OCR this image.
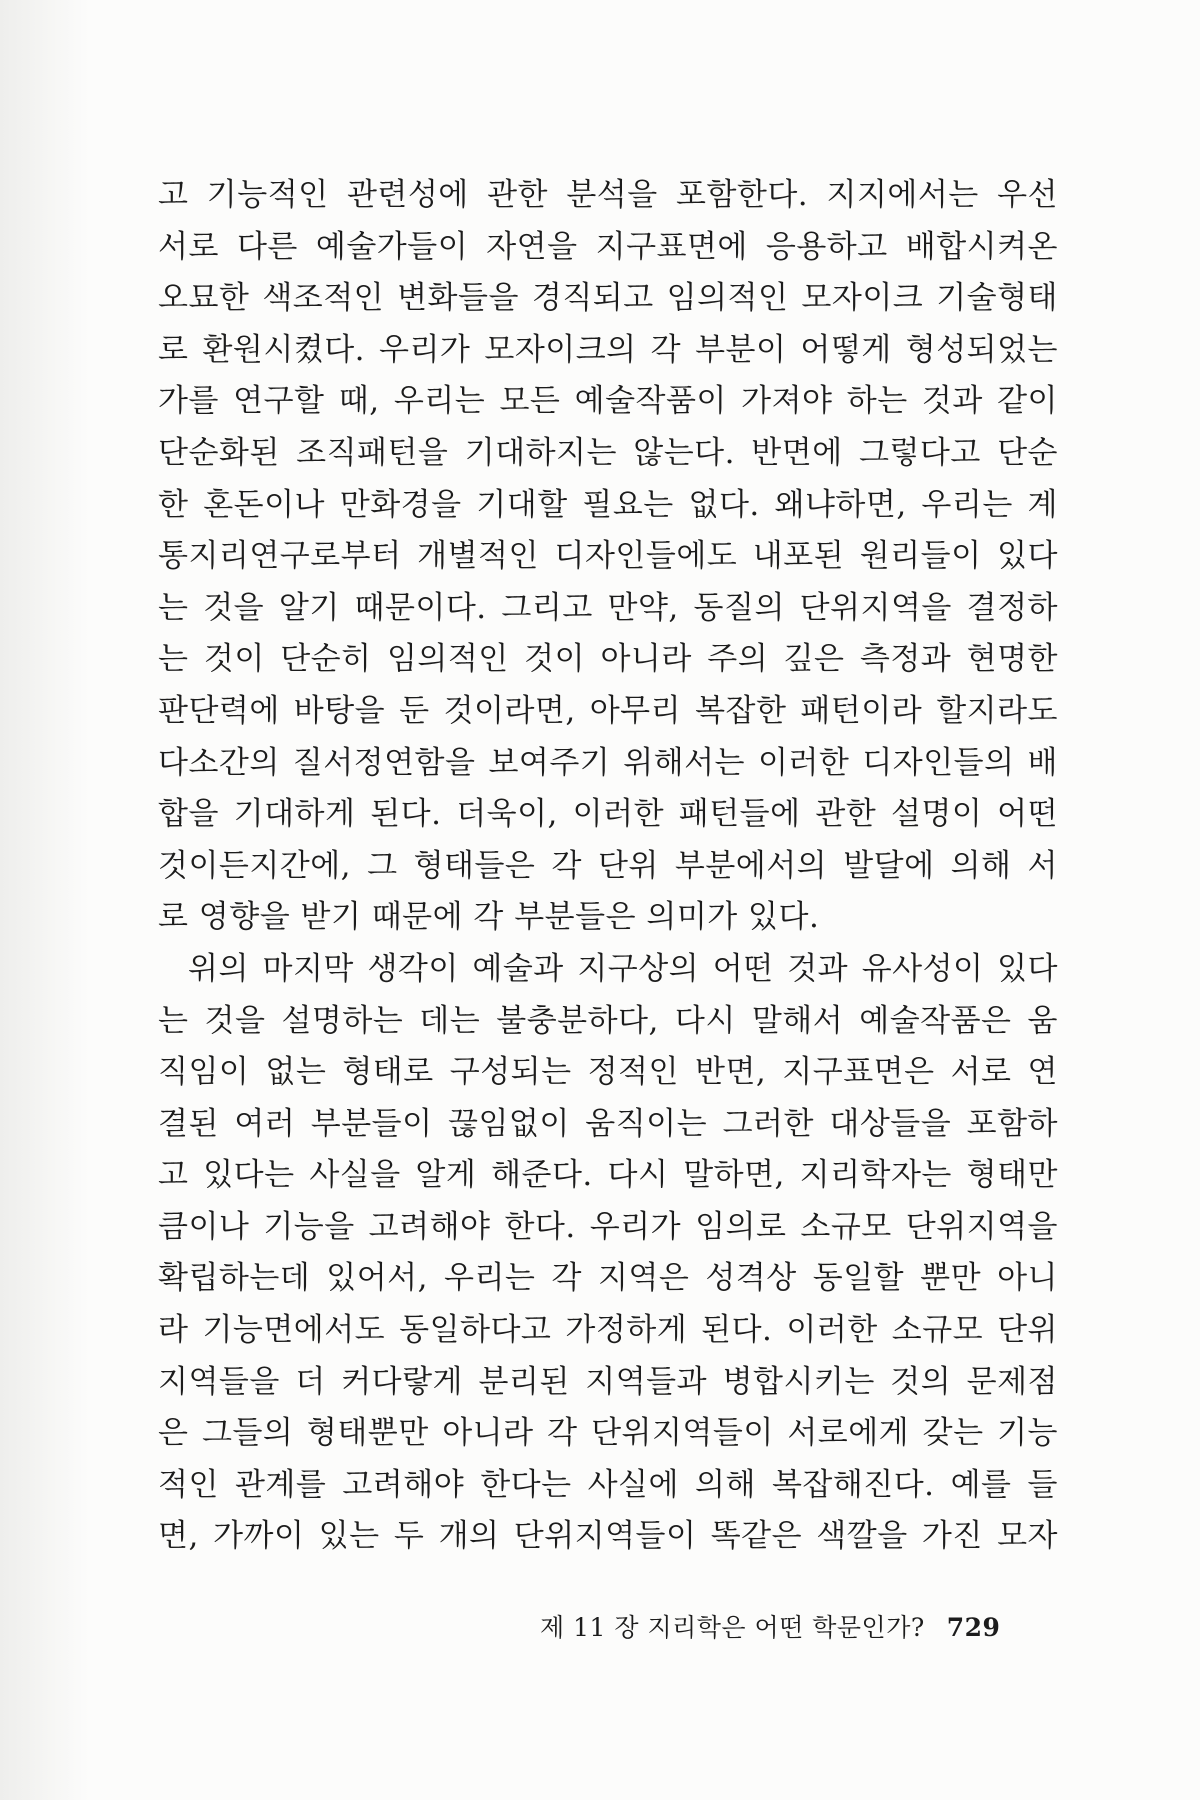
고 기능적인 관련성에 관한 분석을 포함한다. 지지에서는 우선
서로 다른 예술가들이 자연을 지구표면에 응용하고 배합시켜온
오묘한 색조적인 변화들을 경직되고 임의적인 모자이크 기술형태
로 환원시켰다. 우리가 모자이크의 각 부분이 어떻게 형성되었는
가를 연구할 때, 우리는 모든 예술작품이 가져야 하는 것과 같이
단순화된 조직패턴을 기대하지는 않는다. 반면에 그렇다고 단순
한 혼돈이나 만화경을 기대할 필요는 없다. 왜냐하면, 우리는 계
통지리연구로부터 개별적인 디자인들에도 내포된 원리들이 있다
는 것을 알기 때문이다. 그리고 만약, 동질의 단위지역을 결정하
는 것이 단순히 임의적인 것이 아니라 주의 깊은 측정과 현명한
판단력에 바탕을 둔 것이라면, 아무리 복잡한 패턴이라 할지라도
다소간의 질서정연함을 보여주기 위해서는 이러한 디자인들의 배
합을 기대하게 된다. 더욱이, 이러한 패턴들에 관한 설명이 어떤
것이든지간에, 그 형태들은 각 단위 부분에서의 발달에 의해 서
로 영향을 받기 때문에 각 부분들은 의미가 있다.
위의 마지막 생각이 예술과 지구상의 어떤 것과 유사성이 있다
는 것을 설명하는 데는 불충분하다, 다시 말해서 예술작품은 움
직임이 없는 형태로 구성되는 정적인 반면, 지구표면은 서로 연
결된 여러 부분들이 끊임없이 움직이는 그러한 대상들을 포함하
고 있다는 사실을 알게 해준다. 다시 말하면, 지리학자는 형태만
큼이나 기능을 고려해야 한다. 우리가 임의로 소규모 단위지역을
확립하는데 있어서, 우리는 각 지역은 성격상 동일할 뿐만 아니
라 기능면에서도 동일하다고 가정하게 된다. 이러한 소규모 단위
지역들을 더 커다랗게 분리된 지역들과 병합시키는 것의 문제점
은 그들의 형태뿐만 아니라 각 단위지역들이 서로에게 갖는 기능
적인 관계를 고려해야 한다는 사실에 의해 복잡해진다. 예를 들
면, 가까이 있는 두 개의 단위지역들이 똑같은 색깔을 가진 모자
제 11 장 지리학은 어떤 학문인가? 729
